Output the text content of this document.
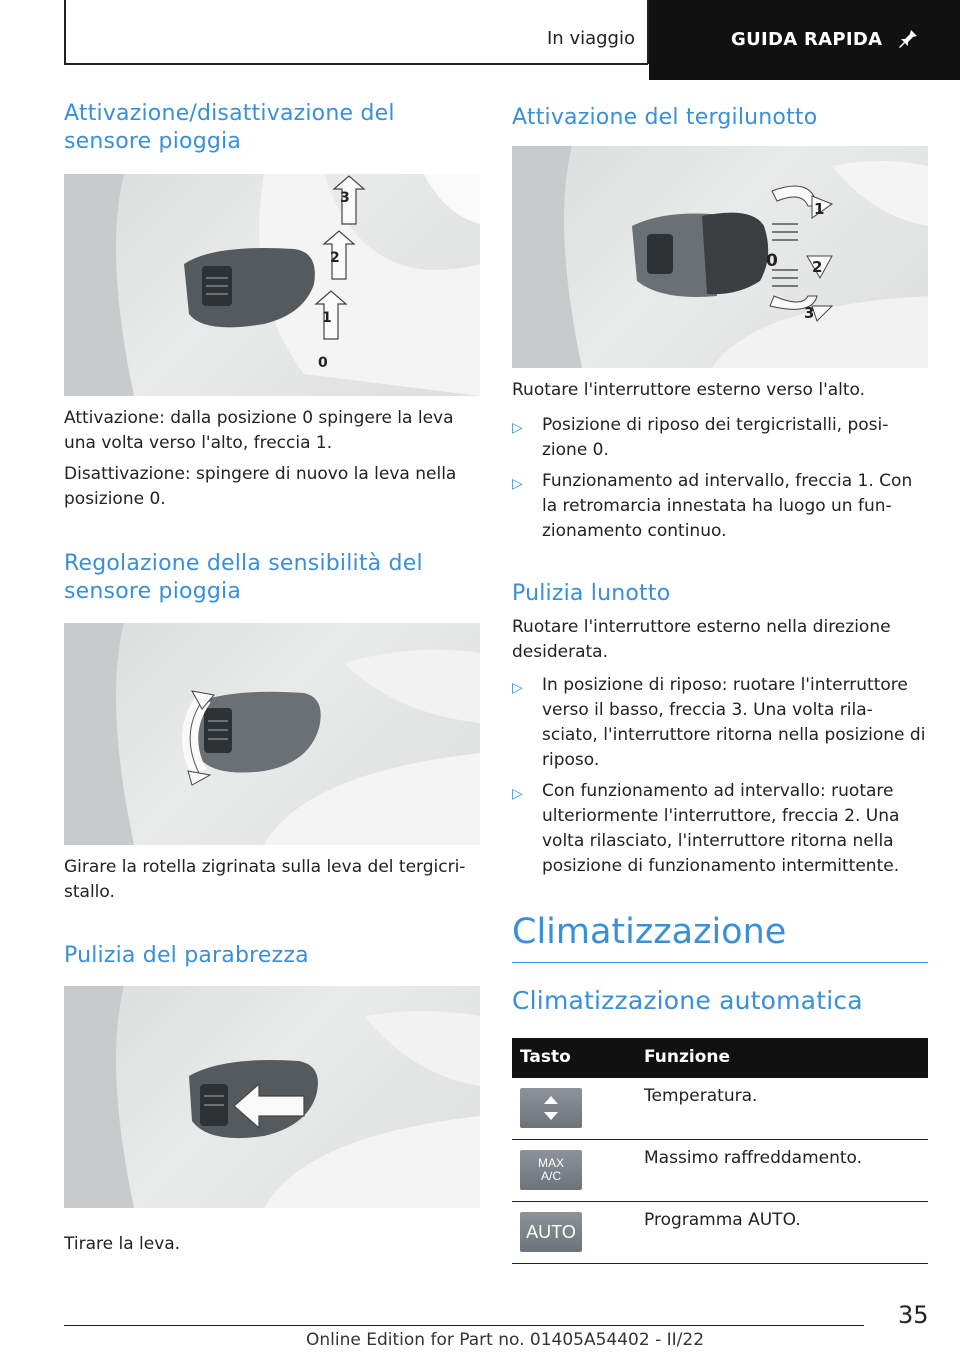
In viaggio	GUIDA RAPIDA
Attivazione/disattivazione del sensore pioggia
3
2
1
0

Attivazione: dalla posizione 0 spingere la leva una volta verso l'alto, freccia 1.

Disattivazione: spingere di nuovo la leva nella posizione 0.

Regolazione della sensibilità del sensore pioggia

Girare la rotella zigrinata sulla leva del tergicri-stallo.

Pulizia del parabrezza

Tirare la leva.

Attivazione del tergilunotto
1
0 2
3

Ruotare l'interruttore esterno verso l'alto.

▷ Posizione di riposo dei tergicristalli, posi-zione 0.
▷ Funzionamento ad intervallo, freccia 1. Con la retromarcia innestata ha luogo un fun-zionamento continuo.
Pulizia lunotto

Ruotare l'interruttore esterno nella direzione desiderata.

▷ In posizione di riposo: ruotare l'interruttore verso il basso, freccia 3. Una volta rila-sciato, l'interruttore ritorna nella posizione di riposo.
▷ Con funzionamento ad intervallo: ruotare ulteriormente l'interruttore, freccia 2. Una volta rilasciato, l'interruttore ritorna nella posizione di funzionamento intermittente.
Climatizzazione
Climatizzazione automatica
Tasto	Funzione
Temperatura.
MAX A/C
Massimo raffreddamento.
AUTO
Programma AUTO.
35
Online Edition for Part no. 01405A54402 - II/22
